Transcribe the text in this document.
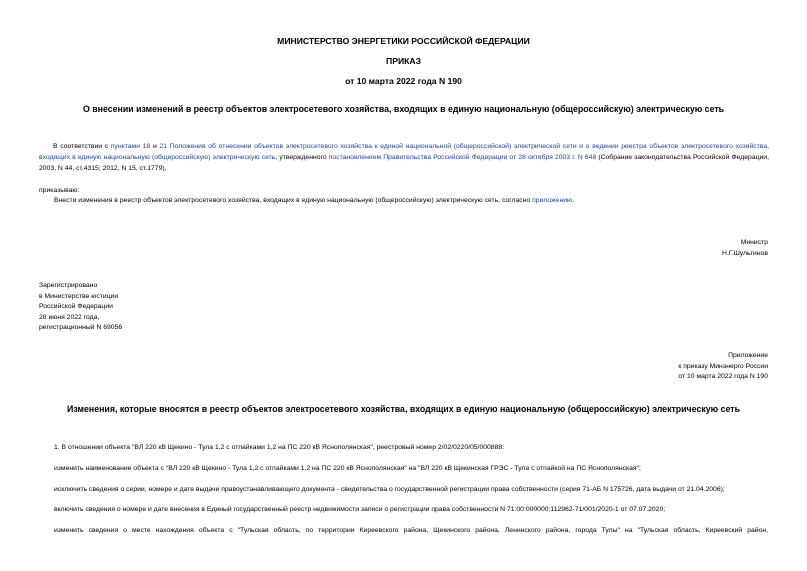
МИНИСТЕРСТВО ЭНЕРГЕТИКИ РОССИЙСКОЙ ФЕДЕРАЦИИ
ПРИКАЗ
от 10 марта 2022 года N 190
О внесении изменений в реестр объектов электросетевого хозяйства, входящих в единую национальную (общероссийскую) электрическую сеть
В соответствии с пунктами 18 и 21 Положения об отнесении объектов электросетевого хозяйства к единой национальной (общероссийской) электрической сети и о ведении реестра объектов электросетевого хозяйства, входящих в единую национальную (общероссийскую) электрическую сеть, утвержденного постановлением Правительства Российской Федерации от 28 октября 2003 г. N 648 (Собрание законодательства Российской Федерации, 2003, N 44, ст.4315; 2012, N 15, ст.1779),
приказываю:
Внести изменения в реестр объектов электросетевого хозяйства, входящих в единую национальную (общероссийскую) электрическую сеть, согласно приложению.
Министр
Н.Г.Шульгинов
Зарегистрировано
в Министерстве юстиции
Российской Федерации
28 июня 2022 года,
регистрационный N 69056
Приложение
к приказу Минэнерго России
от 10 марта 2022 года N 190
Изменения, которые вносятся в реестр объектов электросетевого хозяйства, входящих в единую национальную (общероссийскую) электрическую сеть
1. В отношении объекта "ВЛ 220 кВ Щекино - Тула 1,2 с отпайками 1,2 на ПС 220 кВ Яснополянская", реестровый номер 2/02/0220/05/000888:
изменить наименование объекта с "ВЛ 220 кВ Щекино - Тула 1,2 с отпайками 1,2 на ПС 220 кВ Яснополянская" на "ВЛ 220 кВ Щекинская ГРЭС - Тула с отпайкой на ПС Яснополянская";
исключить сведения о серии, номере и дате выдачи правоустанавливающего документа - свидетельства о государственной регистрации права собственности (серия 71-АБ N 175726, дата выдачи от 21.04.2006);
включить сведения о номере и дате внесения в Единый государственный реестр недвижимости записи о регистрации права собственности N 71:00:000000:112962-71/001/2020-1 от 07.07.2020;
изменить сведения о месте нахождения объекта с "Тульская область, по территории Киреевского района, Щекинского района, Ленинского района, города Тулы" на "Тульская область, Киреевский район,
